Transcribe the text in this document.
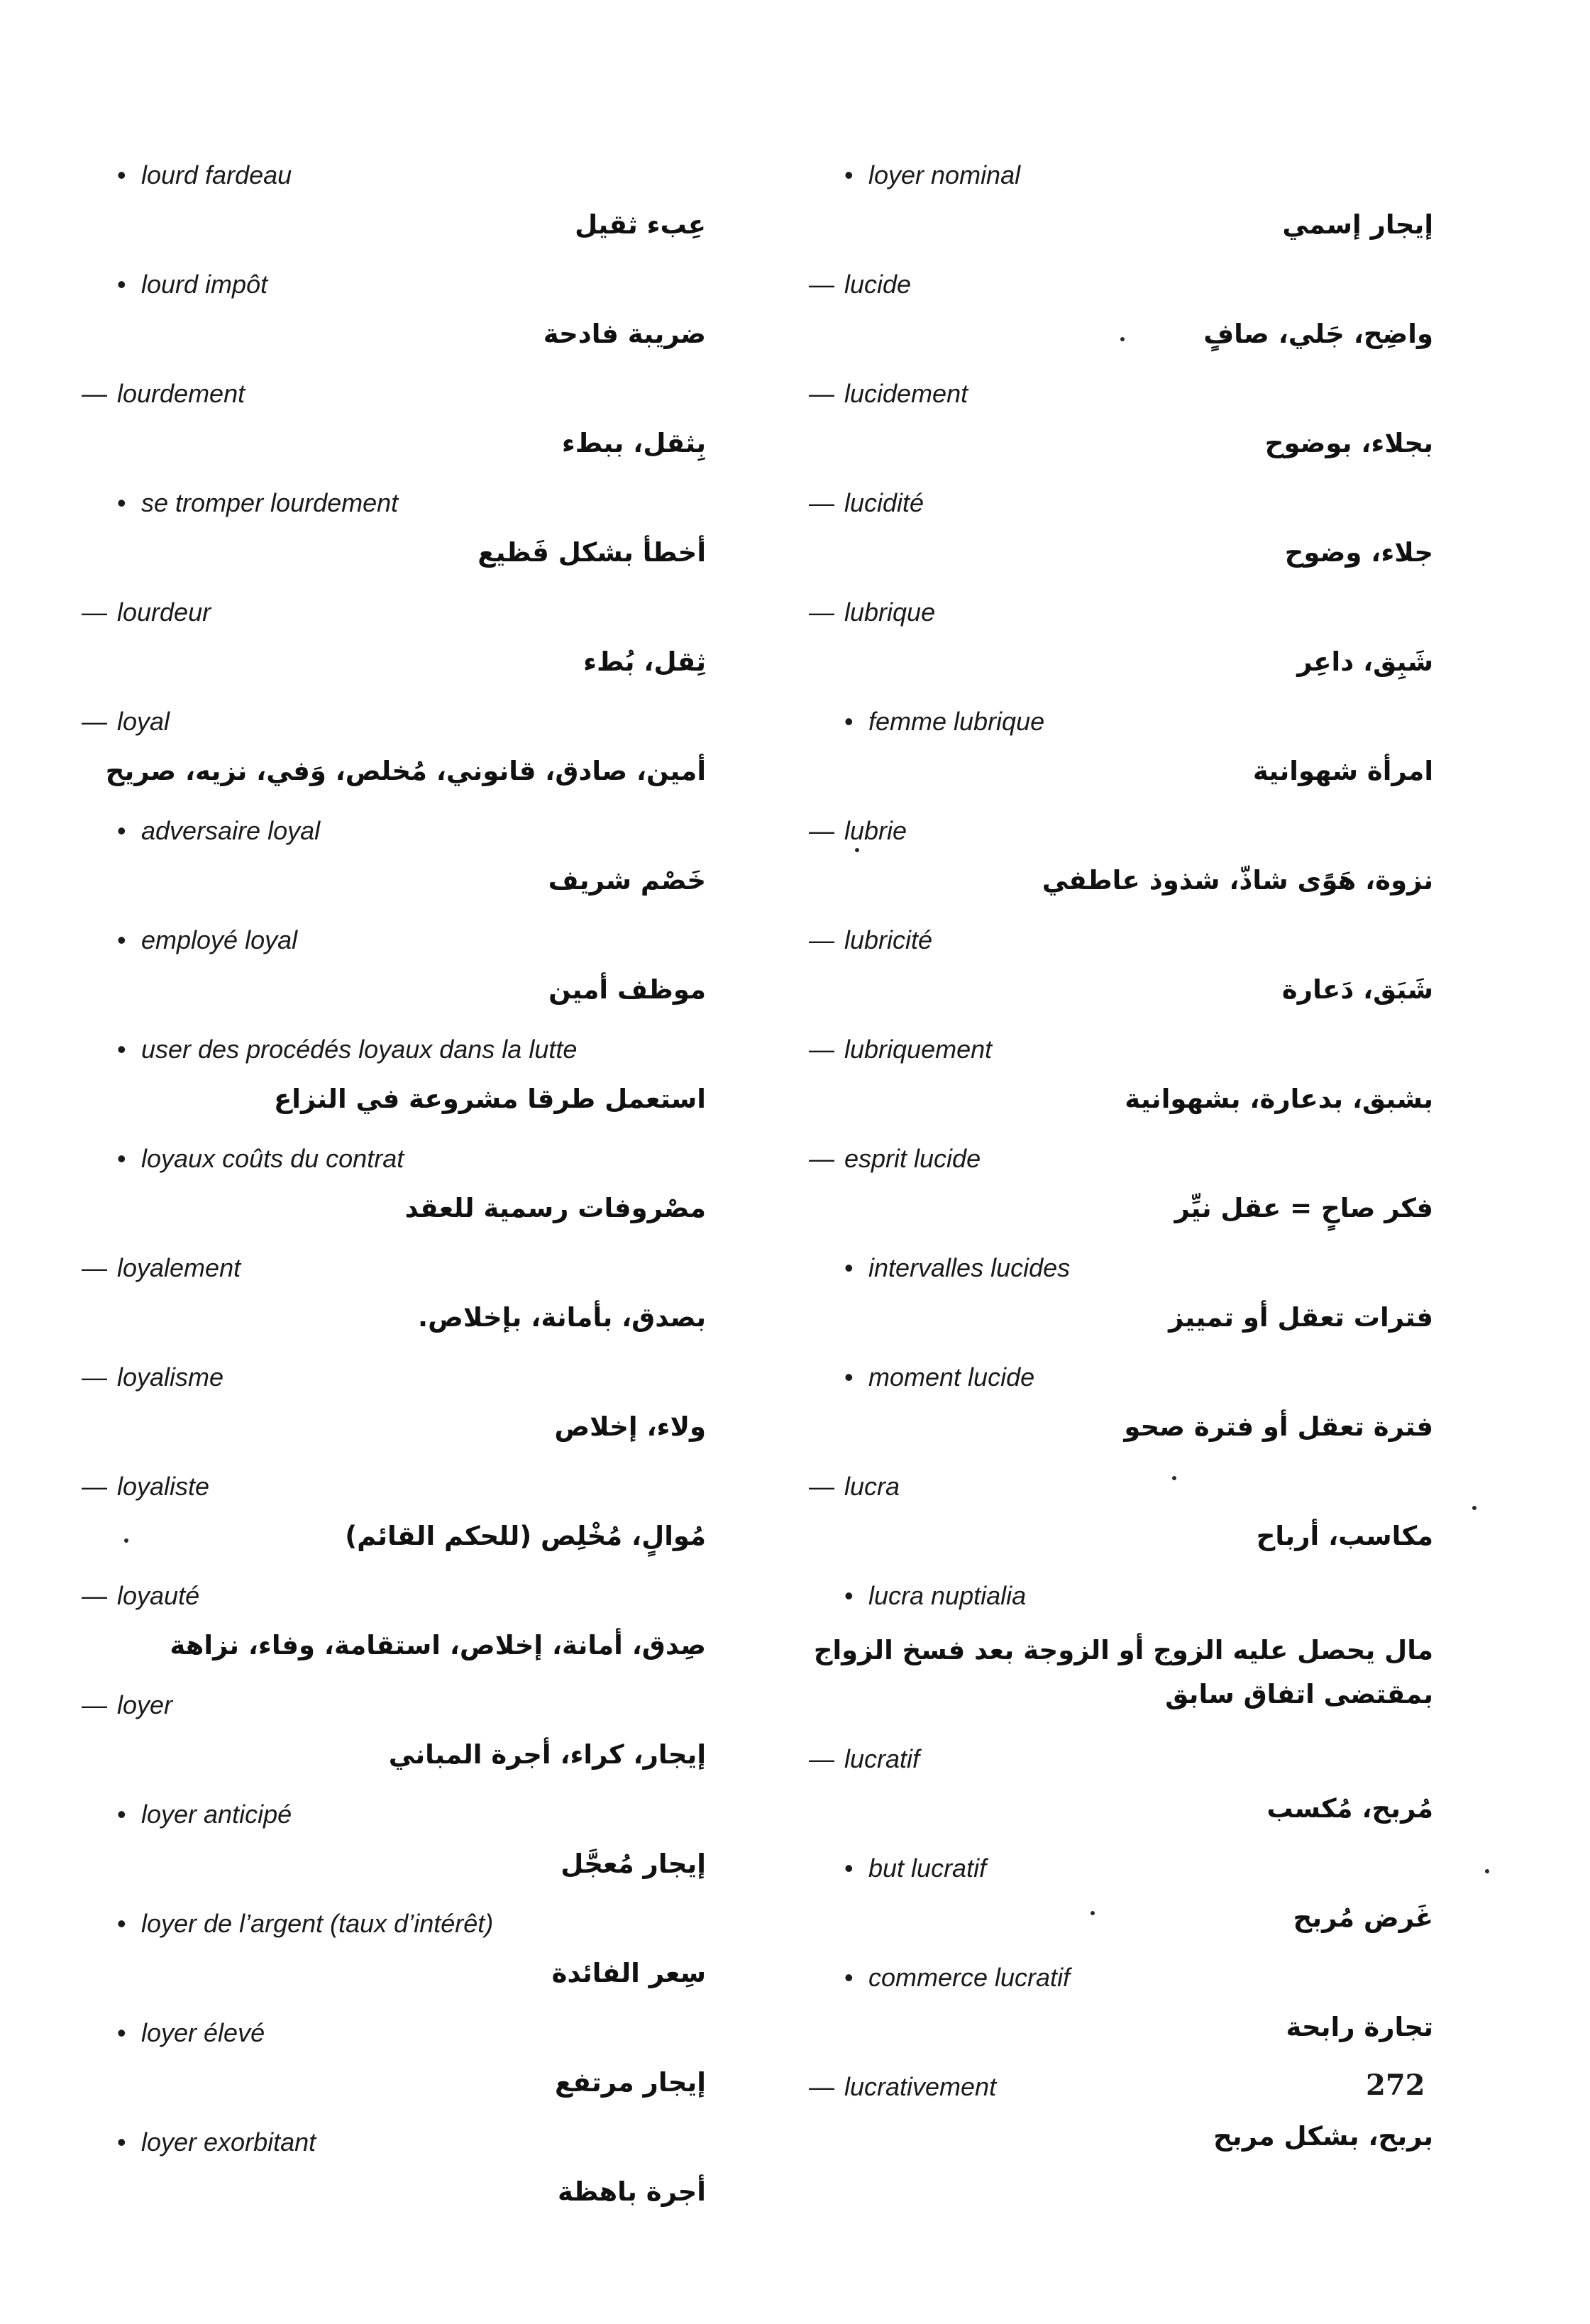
• lourd fardeau
عِبء ثقيل
• lourd impôt
ضريبة فادحة
— lourdement
بِثقل، ببطء
• se tromper lourdement
أخطأ بشكل فَظيع
— lourdeur
ثِقل، بُطء
— loyal
أمين، صادق، قانوني، مُخلص، وَفي، نزيه، صريح
• adversaire loyal
خَصْم شريف
• employé loyal
موظف أمين
• user des procédés loyaux dans la lutte
استعمل طرقا مشروعة في النزاع
• loyaux coûts du contrat
مصْروفات رسمية للعقد
— loyalement
بصدق، بأمانة، بإخلاص.
— loyalisme
ولاء، إخلاص
— loyaliste
مُوالٍ، مُخْلِص (للحكم القائم)
— loyauté
صِدق، أمانة، إخلاص، استقامة، وفاء، نزاهة
— loyer
إيجار، كراء، أجرة المباني
• loyer anticipé
إيجار مُعجَّل
• loyer de l’argent (taux d’intérêt)
سِعر الفائدة
• loyer élevé
إيجار مرتفع
• loyer exorbitant
أجرة باهظة
• loyer nominal
إيجار إسمي
— lucide
واضِح، جَلي، صافٍ
— lucidement
بجلاء، بوضوح
— lucidité
جلاء، وضوح
— lubrique
شَبِق، داعِر
• femme lubrique
امرأة شهوانية
— lubrie
نزوة، هَوًى شاذّ، شذوذ عاطفي
— lubricité
شَبَق، دَعارة
— lubriquement
بشبق، بدعارة، بشهوانية
— esprit lucide
فكر صاحٍ = عقل نيِّر
• intervalles lucides
فترات تعقل أو تمييز
• moment lucide
فترة تعقل أو فترة صحو
— lucra
مكاسب، أرباح
• lucra nuptialia
مال يحصل عليه الزوج أو الزوجة بعد فسخ الزواج بمقتضى اتفاق سابق
— lucratif
مُربح، مُكسب
• but lucratif
غَرض مُربح
• commerce lucratif
تجارة رابحة
— lucrativement
بربح، بشكل مربح
272
